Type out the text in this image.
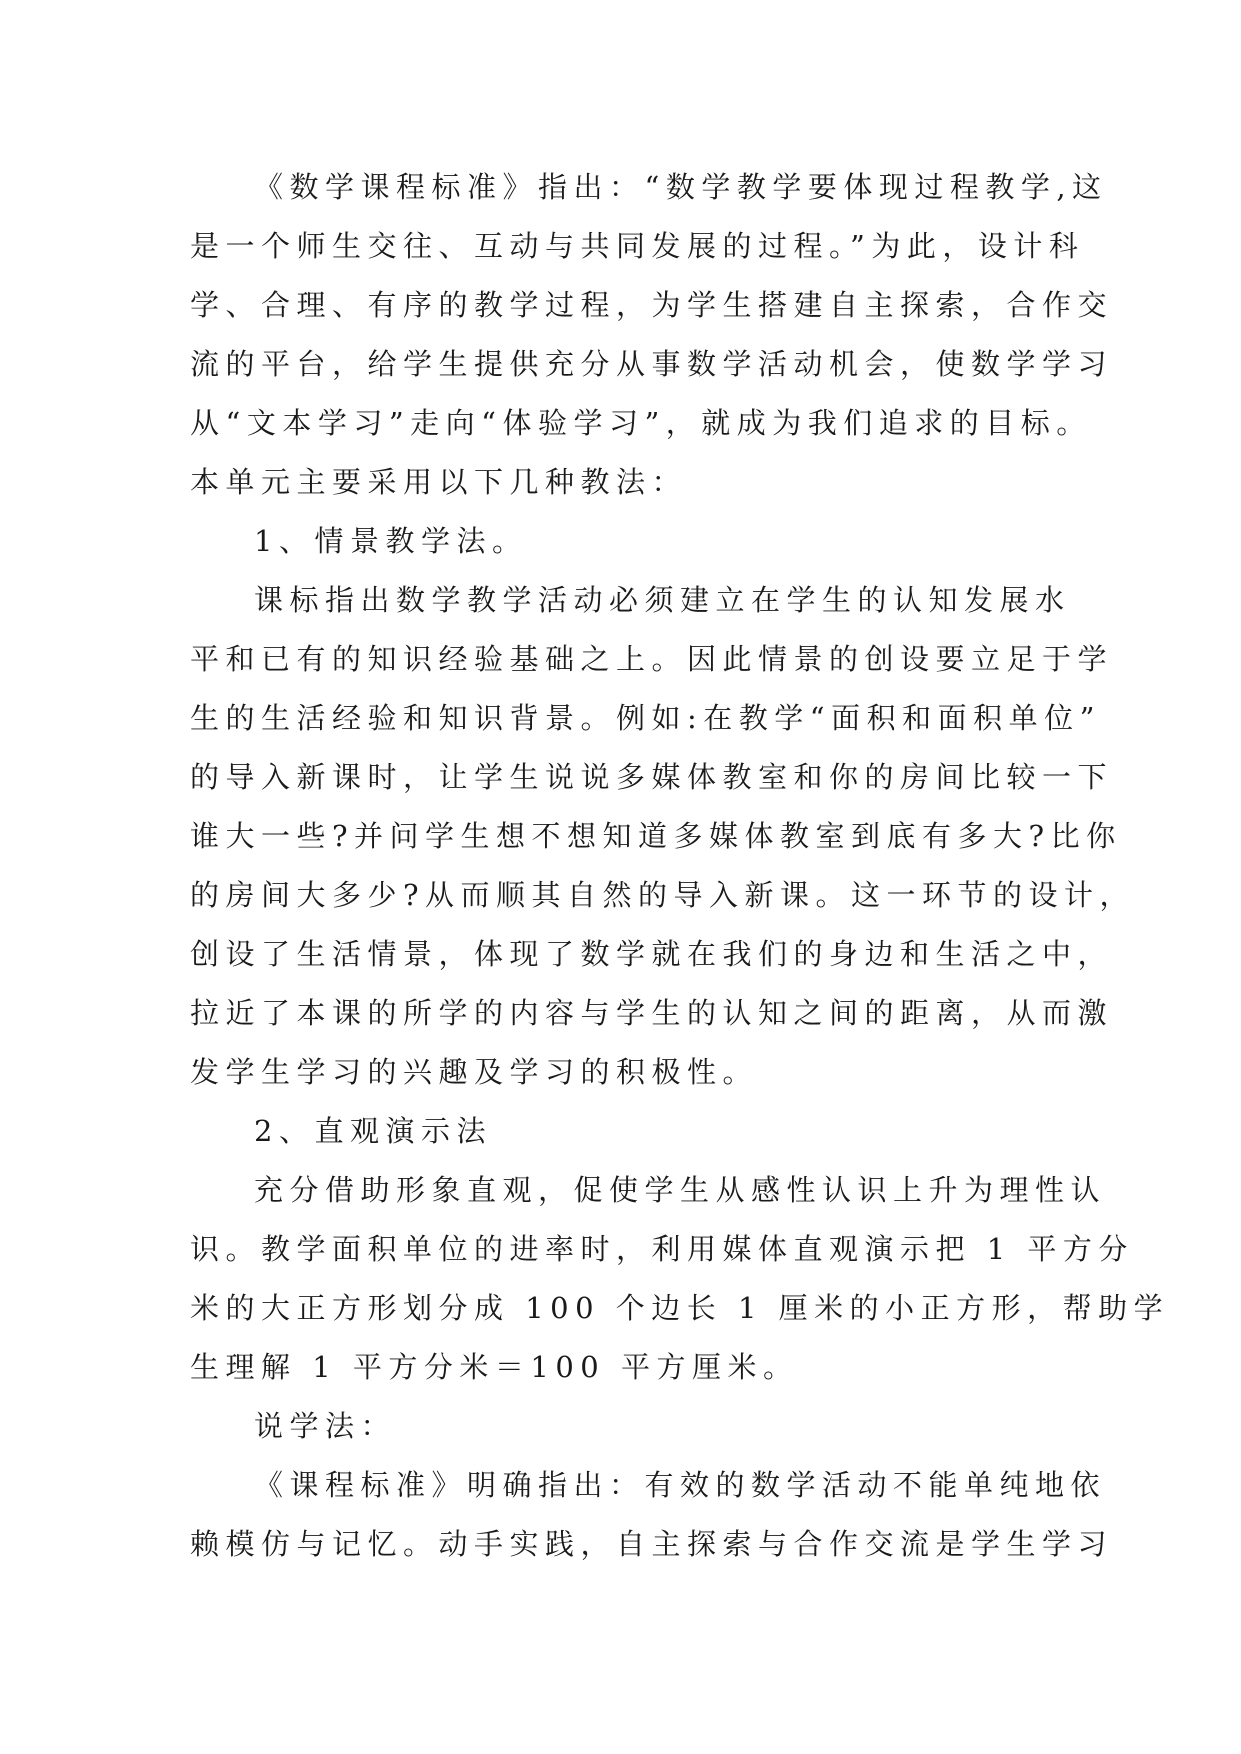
《数学课程标准》指出：“数学教学要体现过程教学,这
是一个师生交往、互动与共同发展的过程。”为此，设计科
学、合理、有序的教学过程，为学生搭建自主探索，合作交
流的平台，给学生提供充分从事数学活动机会，使数学学习
从“文本学习”走向“体验学习”，就成为我们追求的目标。
本单元主要采用以下几种教法：
1、情景教学法。
课标指出数学教学活动必须建立在学生的认知发展水
平和已有的知识经验基础之上。因此情景的创设要立足于学
生的生活经验和知识背景。例如:在教学“面积和面积单位”
的导入新课时，让学生说说多媒体教室和你的房间比较一下
谁大一些?并问学生想不想知道多媒体教室到底有多大?比你
的房间大多少?从而顺其自然的导入新课。这一环节的设计，
创设了生活情景，体现了数学就在我们的身边和生活之中，
拉近了本课的所学的内容与学生的认知之间的距离，从而激
发学生学习的兴趣及学习的积极性。
2、直观演示法
充分借助形象直观，促使学生从感性认识上升为理性认
识。教学面积单位的进率时，利用媒体直观演示把 1 平方分
米的大正方形划分成 100 个边长 1 厘米的小正方形，帮助学
生理解 1 平方分米＝100 平方厘米。
说学法：
《课程标准》明确指出：有效的数学活动不能单纯地依
赖模仿与记忆。动手实践，自主探索与合作交流是学生学习
